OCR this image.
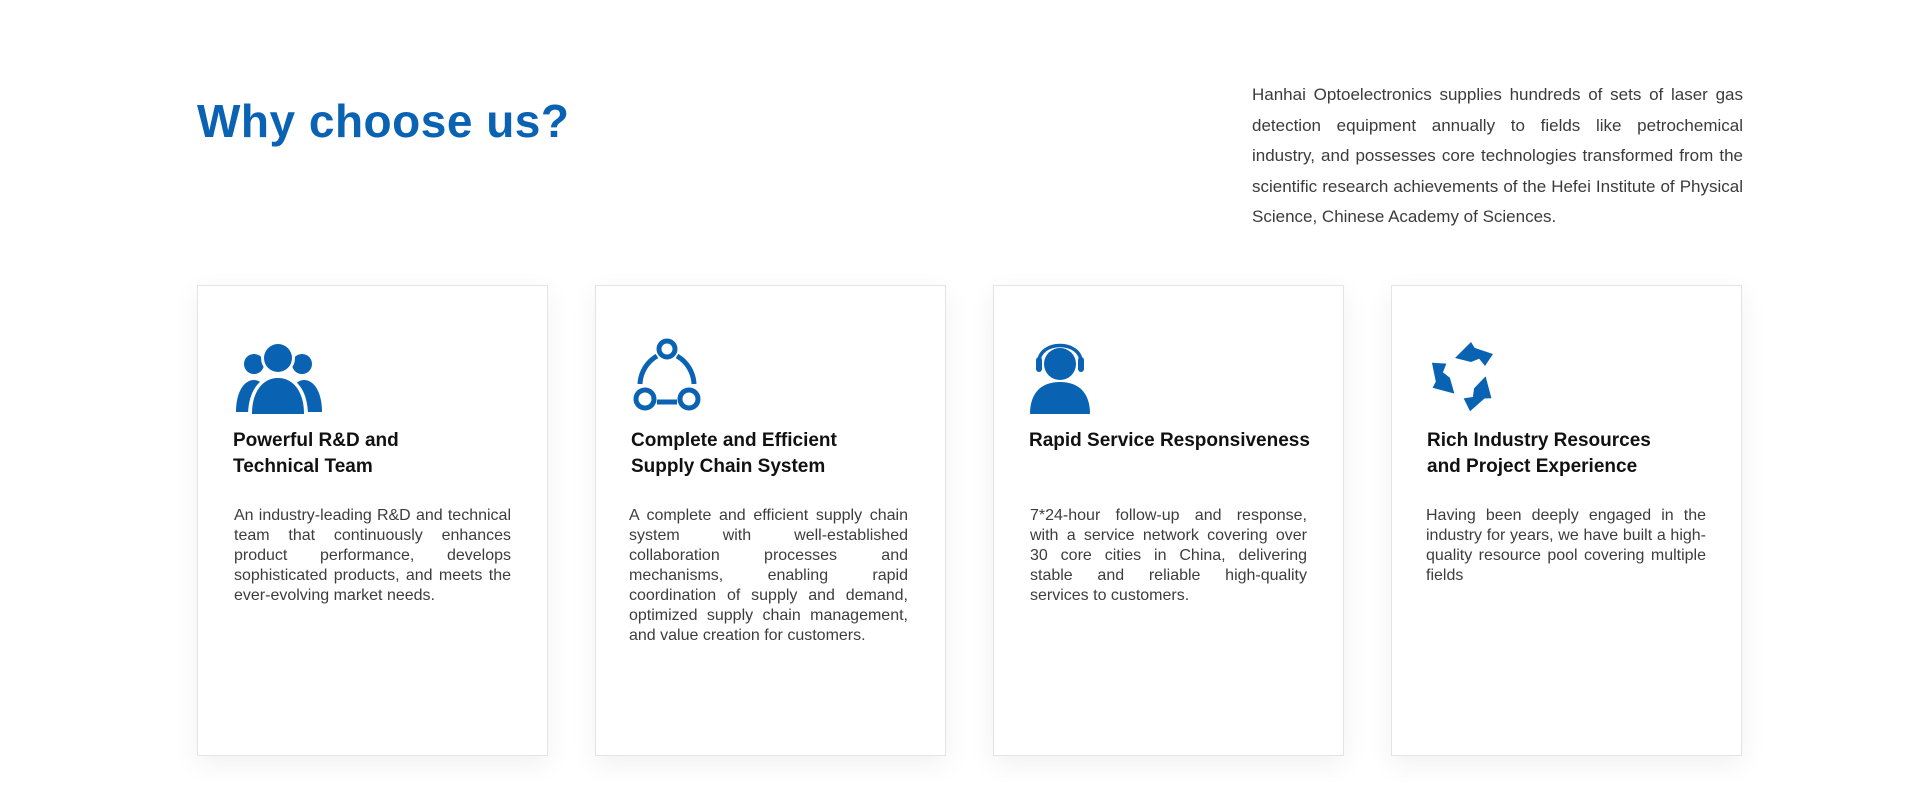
Why choose us?

Hanhai Optoelectronics supplies hundreds of sets of laser gas detection equipment annually to fields like petrochemical industry, and possesses core technologies transformed from the scientific research achievements of the Hefei Institute of Physical Science, Chinese Academy of Sciences.

Powerful R&D and
Technical Team

An industry-leading R&D and technical team that continuously enhances product performance, develops sophisticated products, and meets the ever-evolving market needs.

Complete and Efficient
Supply Chain System

A complete and efficient supply chain system with well-established collaboration processes and mechanisms, enabling rapid coordination of supply and demand, optimized supply chain management, and value creation for customers.

Rapid Service Responsiveness

7*24-hour follow-up and response, with a service network covering over 30 core cities in China, delivering stable and reliable high-quality services to customers.

Rich Industry Resources
and Project Experience

Having been deeply engaged in the industry for years, we have built a high-quality resource pool covering multiple fields
